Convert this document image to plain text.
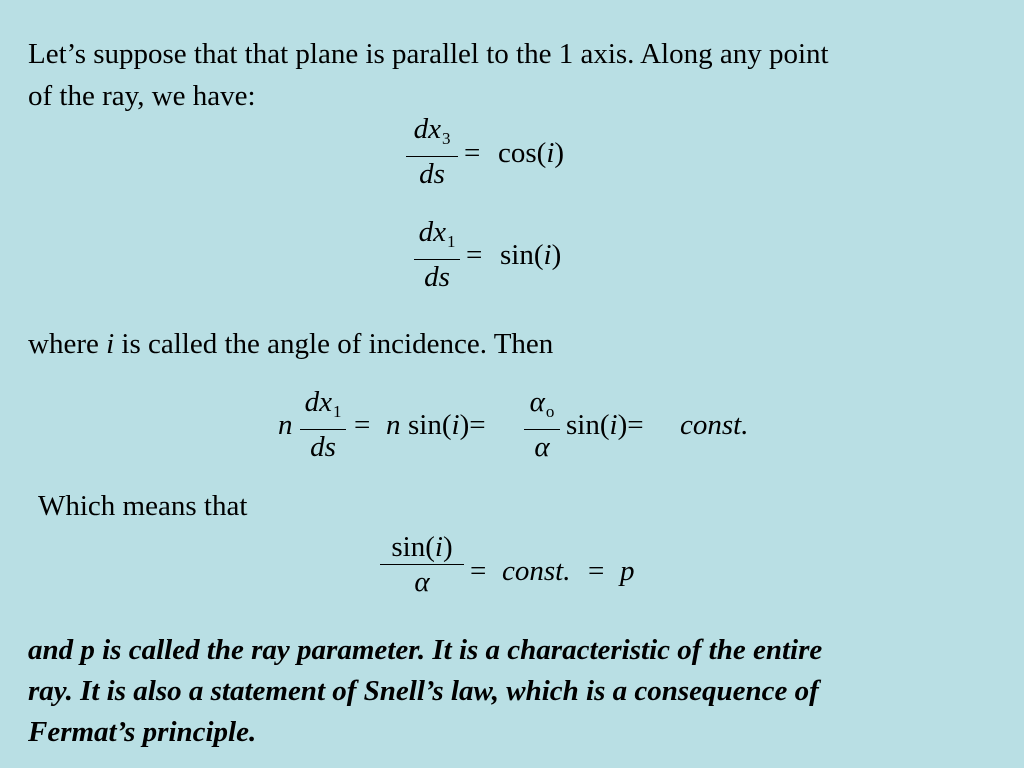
Let’s suppose that that plane is parallel to the 1 axis. Along any point
of the ray, we have:
$dx_3$
ds
= cos(i)
$dx_1$
ds
= sin(i)
where i is called the angle of incidence. Then
n
$dx_1$
ds
= n sin(i)=
$\alpha_o$
α
sin(i)= const.
Which means that
sin(i)
α	= const. = p
and p is called the ray parameter. It is a characteristic of the entire
ray. It is also a statement of Snell’s law, which is a consequence of
Fermat’s principle.
